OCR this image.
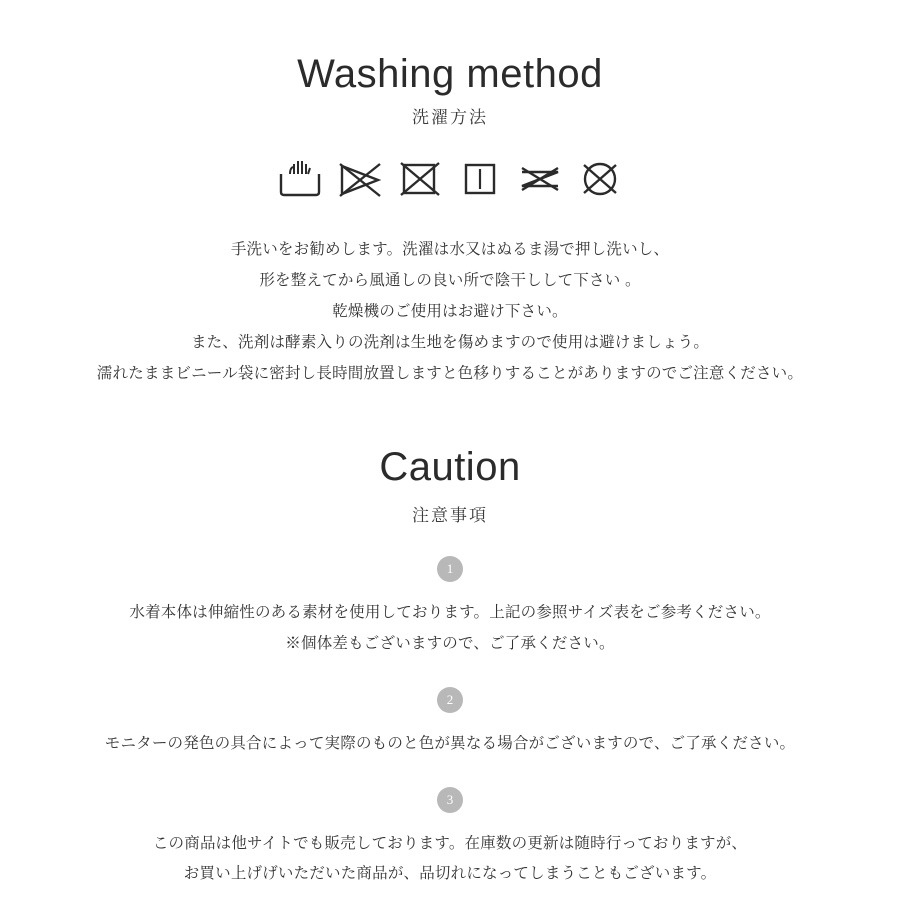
Washing method
洗濯方法
手洗いをお勧めします。洗濯は水又はぬるま湯で押し洗いし、
形を整えてから風通しの良い所で陰干しして下さい 。
乾燥機のご使用はお避け下さい。
また、洗剤は酵素入りの洗剤は生地を傷めますので使用は避けましょう。
濡れたままビニール袋に密封し長時間放置しますと色移りすることがありますのでご注意ください。
Caution
注意事項
1
水着本体は伸縮性のある素材を使用しております。上記の参照サイズ表をご参考ください。
※個体差もございますので、ご了承ください。
2
モニターの発色の具合によって実際のものと色が異なる場合がございますので、ご了承ください。
3
この商品は他サイトでも販売しております。在庫数の更新は随時行っておりますが、
お買い上げげいただいた商品が、品切れになってしまうこともございます。
